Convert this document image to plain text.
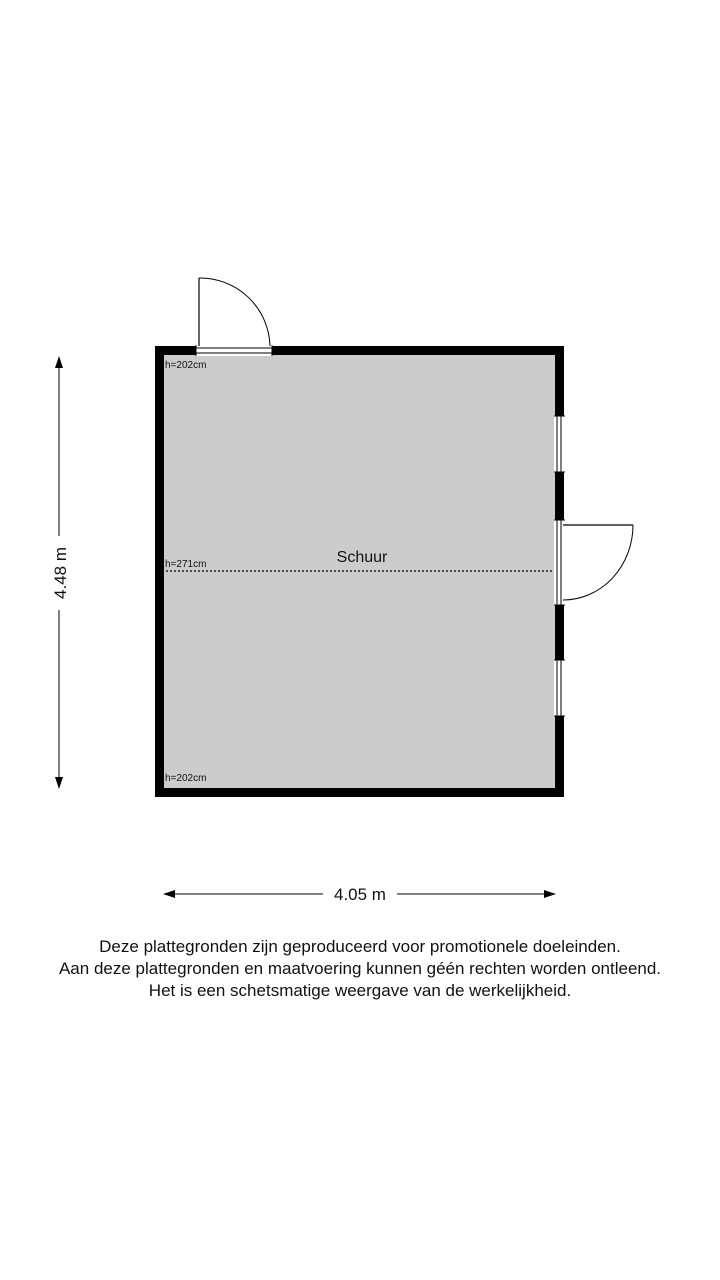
Schuur
h=202cm
h=271cm
h=202cm
4.48 m
4.05 m
Deze plattegronden zijn geproduceerd voor promotionele doeleinden.
Aan deze plattegronden en maatvoering kunnen géén rechten worden ontleend.
Het is een schetsmatige weergave van de werkelijkheid.
